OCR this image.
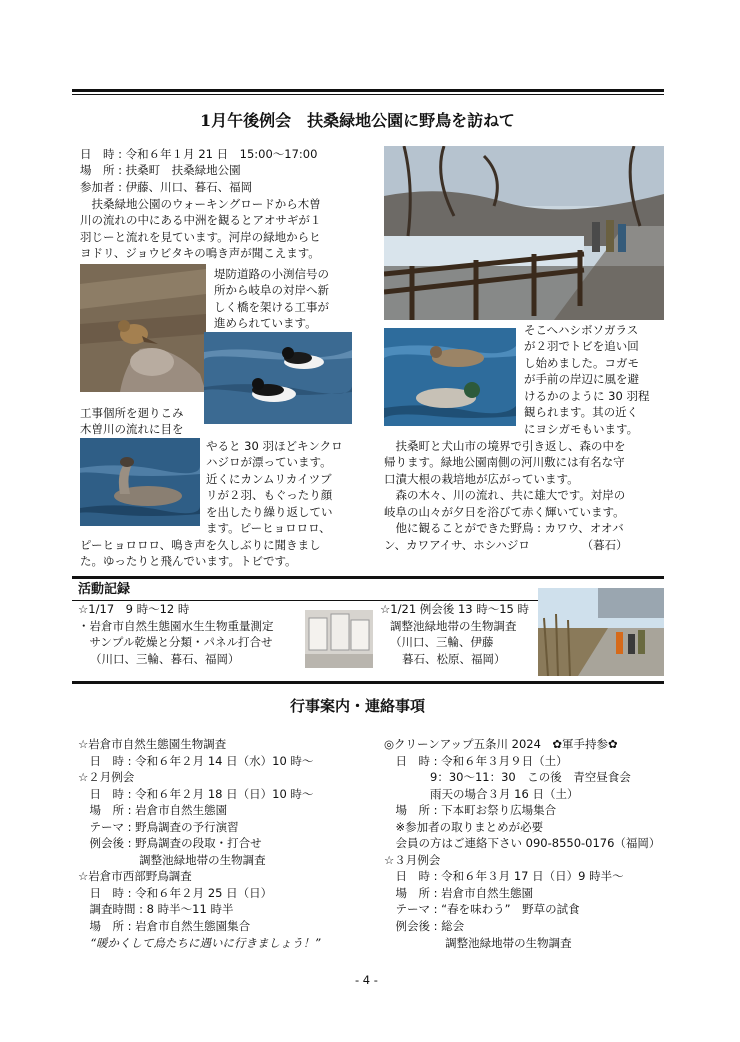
1月午後例会　扶桑緑地公園に野鳥を訪ねて
日　時 : 令和６年１月 21 日　15:00〜17:00
場　所 : 扶桑町　扶桑緑地公園
参加者 : 伊藤、川口、暮石、福岡
　扶桑緑地公園のウォーキングロードから木曽
川の流れの中にある中洲を観るとアオサギが１
羽じーと流れを見ています。河岸の緑地からヒ
ヨドリ、ジョウビタキの鳴き声が聞こえます。
堤防道路の小渕信号の
所から岐阜の対岸へ新
しく橋を架ける工事が
進められています。
工事個所を廻りこみ
木曽川の流れに目を
やると 30 羽ほどキンクロ
ハジロが漂っています。
近くにカンムリカイツブ
リが２羽、もぐったり顔
を出したり繰り返してい
ます。ピーヒョロロロ、
ピーヒョロロロ、鳴き声を久しぶりに聞きまし
た。ゆったりと飛んでいます。トビです。
そこへハシボソガラス
が２羽でトビを追い回
し始めました。コガモ
が手前の岸辺に風を避
けるかのように 30 羽程
観られます。其の近く
にヨシガモもいます。
　扶桑町と犬山市の境界で引き返し、森の中を
帰ります。緑地公園南側の河川敷には有名な守
口漬大根の栽培地が広がっています。
　森の木々、川の流れ、共に雄大です。対岸の
岐阜の山々が夕日を浴びて赤く輝いています。
　他に観ることができた野鳥 : カワウ、オオバ
ン、カワアイサ、ホシハジロ　　　　　（暮石）
活動記録
☆1/17　9 時〜12 時
・岩倉市自然生態園水生生物重量測定
　サンプル乾燥と分類・パネル打合せ
（川口、三輪、暮石、福岡）
☆1/21 例会後 13 時〜15 時
調整池緑地帯の生物調査
（川口、三輪、伊藤
暮石、松原、福岡）
行事案内・連絡事項
☆岩倉市自然生態園生物調査
　日　時 : 令和６年２月 14 日（水）10 時〜
☆２月例会
　日　時 : 令和６年２月 18 日（日）10 時〜
　場　所 : 岩倉市自然生態園
　テーマ : 野鳥調査の予行演習
　例会後 : 野鳥調査の段取・打合せ
　　　　　 調整池緑地帯の生物調査
☆岩倉市西部野鳥調査
　日　時 : 令和６年２月 25 日（日）
　調査時間 : 8 時半〜11 時半
　場　所 : 岩倉市自然生態園集合
“暖かくして鳥たちに遇いに行きましょう！”
◎クリーンアップ五条川 2024　✿軍手持参✿
　日　時 : 令和６年３月９日（土）
　　　　9：30〜11：30　この後　青空昼食会
　　　　雨天の場合３月 16 日（土）
　場　所 : 下本町お祭り広場集合
　※参加者の取りまとめが必要
　会員の方はご連絡下さい 090-8550-0176（福岡）
☆３月例会
　日　時 : 令和６年３月 17 日（日）9 時半〜
　場　所 : 岩倉市自然生態園
　テーマ : “春を味わう”　野草の試食
　例会後 : 総会
　　　　　 調整池緑地帯の生物調査
- 4 -
